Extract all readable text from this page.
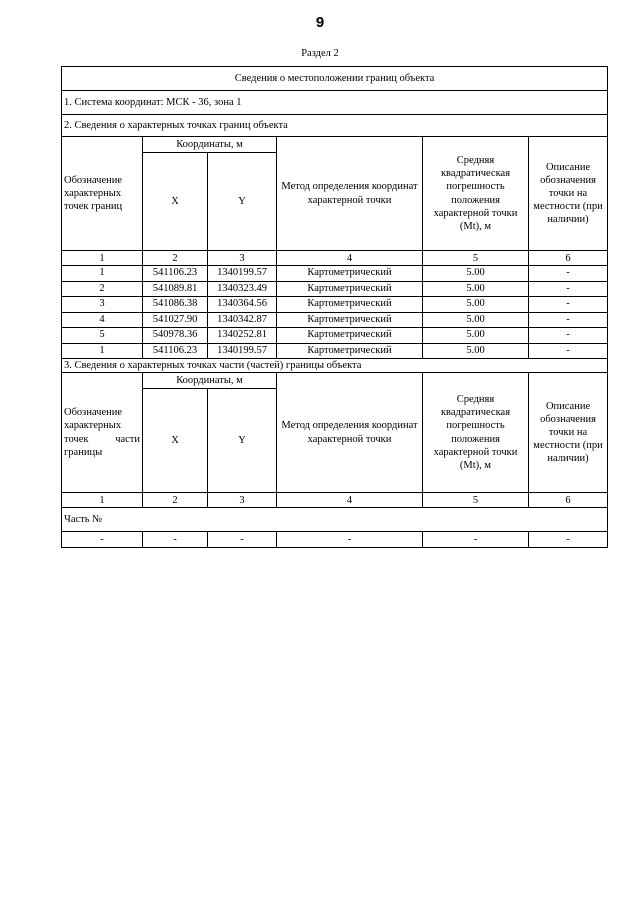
9
Раздел 2
Сведения о местоположении границ объекта					
1. Система координат: МСК - 36, зона 1					
2. Сведения о характерных точках границ объекта					
Обозначение характерных точек границ	Координаты, м		Метод определения координат характерной точки	Средняя квадратическая погрешность положения характерной точки (Mt), м	Описание обозначения точки на местности (при наличии)
	X	Y			
1	2	3	4	5	6
1	541106.23	1340199.57	Картометрический	5.00	-
2	541089.81	1340323.49	Картометрический	5.00	-
3	541086.38	1340364.56	Картометрический	5.00	-
4	541027.90	1340342.87	Картометрический	5.00	-
5	540978.36	1340252.81	Картометрический	5.00	-
1	541106.23	1340199.57	Картометрический	5.00	-
3. Сведения о характерных точках части (частей) границы объекта					
Обозначение характерных точек части границы	Координаты, м		Метод определения координат характерной точки	Средняя квадратическая погрешность положения характерной точки (Mt), м	Описание обозначения точки на местности (при наличии)
	X	Y			
1	2	3	4	5	6
Часть №					
-	-	-	-	-	-
